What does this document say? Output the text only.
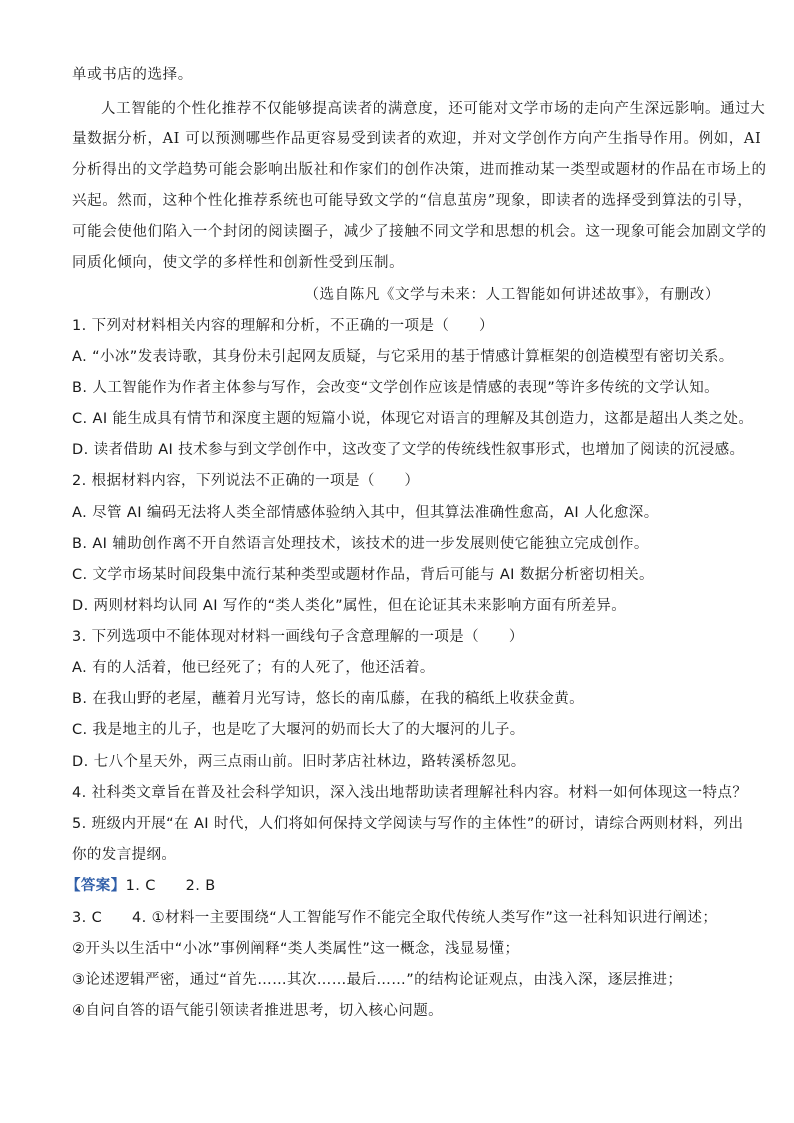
单或书店的选择。
人工智能的个性化推荐不仅能够提高读者的满意度，还可能对文学市场的走向产生深远影响。通过大
量数据分析，AI 可以预测哪些作品更容易受到读者的欢迎，并对文学创作方向产生指导作用。例如，AI
分析得出的文学趋势可能会影响出版社和作家们的创作决策，进而推动某一类型或题材的作品在市场上的
兴起。然而，这种个性化推荐系统也可能导致文学的“信息茧房”现象，即读者的选择受到算法的引导，
可能会使他们陷入一个封闭的阅读圈子，减少了接触不同文学和思想的机会。这一现象可能会加剧文学的
同质化倾向，使文学的多样性和创新性受到压制。
（选自陈凡《文学与未来：人工智能如何讲述故事》，有删改）
1. 下列对材料相关内容的理解和分析，不正确的一项是（　　）
A. “小冰”发表诗歌，其身份未引起网友质疑，与它采用的基于情感计算框架的创造模型有密切关系。
B. 人工智能作为作者主体参与写作，会改变“文学创作应该是情感的表现”等许多传统的文学认知。
C. AI 能生成具有情节和深度主题的短篇小说，体现它对语言的理解及其创造力，这都是超出人类之处。
D. 读者借助 AI 技术参与到文学创作中，这改变了文学的传统线性叙事形式，也增加了阅读的沉浸感。
2. 根据材料内容，下列说法不正确的一项是（　　）
A. 尽管 AI 编码无法将人类全部情感体验纳入其中，但其算法准确性愈高，AI 人化愈深。
B. AI 辅助创作离不开自然语言处理技术，该技术的进一步发展则使它能独立完成创作。
C. 文学市场某时间段集中流行某种类型或题材作品，背后可能与 AI 数据分析密切相关。
D. 两则材料均认同 AI 写作的“类人类化”属性，但在论证其未来影响方面有所差异。
3. 下列选项中不能体现对材料一画线句子含意理解的一项是（　　）
A. 有的人活着，他已经死了；有的人死了，他还活着。
B. 在我山野的老屋，蘸着月光写诗，悠长的南瓜藤，在我的稿纸上收获金黄。
C. 我是地主的儿子，也是吃了大堰河的奶而长大了的大堰河的儿子。
D. 七八个星天外，两三点雨山前。旧时茅店社林边，路转溪桥忽见。
4. 社科类文章旨在普及社会科学知识，深入浅出地帮助读者理解社科内容。材料一如何体现这一特点？
5. 班级内开展“在 AI 时代，人们将如何保持文学阅读与写作的主体性”的研讨，请综合两则材料，列出
你的发言提纲。
【答案】1. C　　2. B
3. C　　4. ①材料一主要围绕“人工智能写作不能完全取代传统人类写作”这一社科知识进行阐述；
②开头以生活中“小冰”事例阐释“类人类属性”这一概念，浅显易懂；
③论述逻辑严密，通过“首先……其次……最后……”的结构论证观点，由浅入深，逐层推进；
④自问自答的语气能引领读者推进思考，切入核心问题。
